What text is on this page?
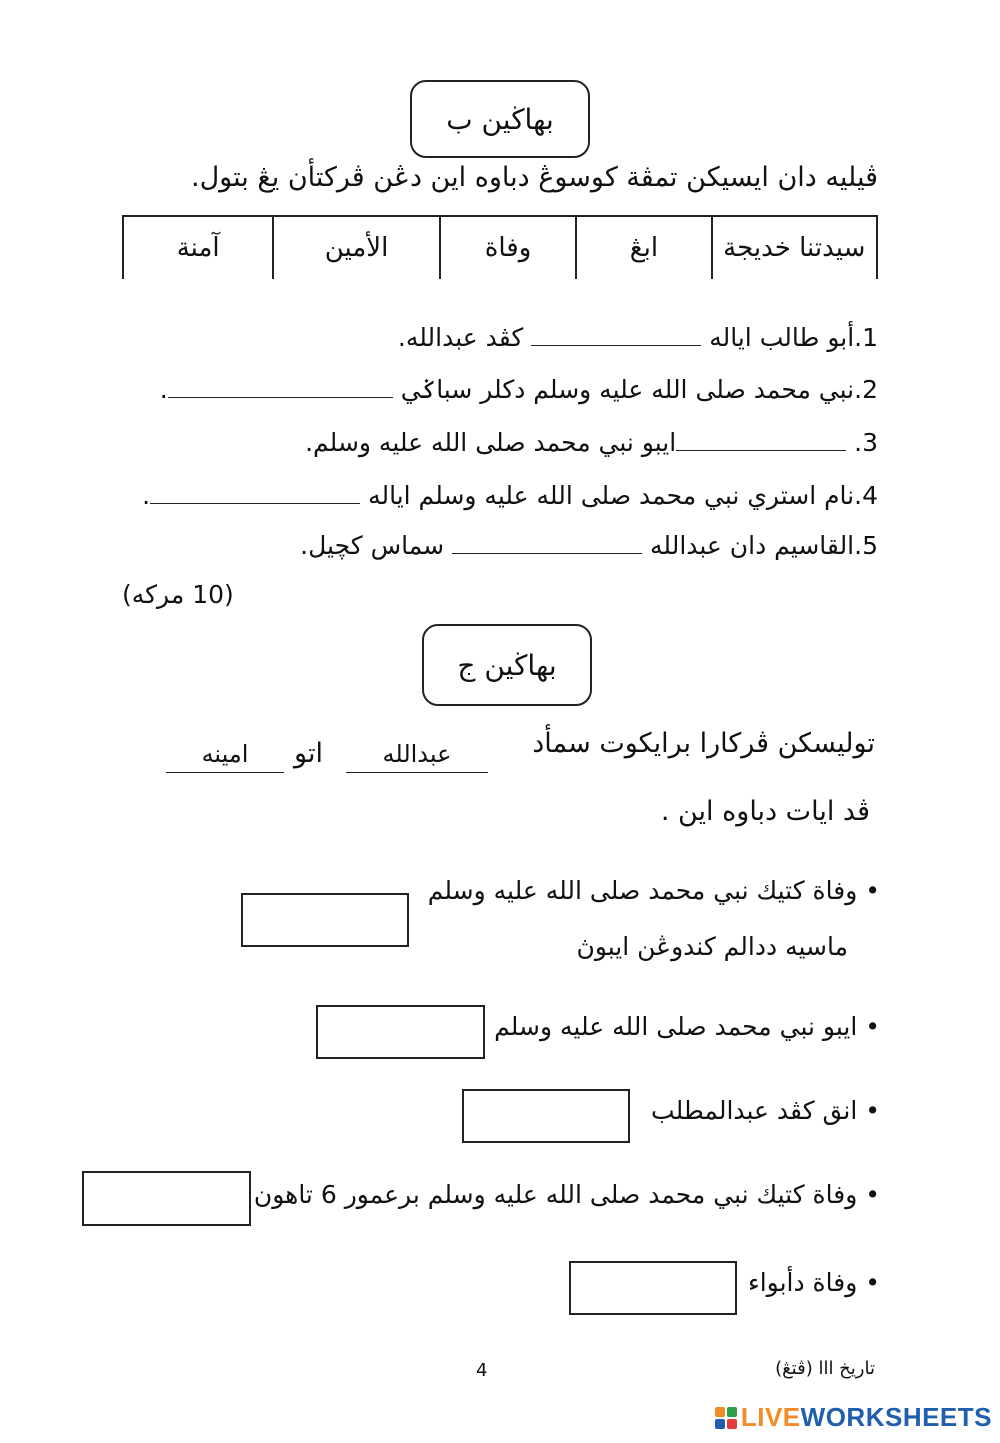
بهاڬين ب
ڤيليه دان ايسيکن تمڤة کوسوڠ دباوه اين دڠن ڤرکتأن يڠ بتول.
سيدتنا خديجة	ابڠ	وفاة	الأمين	آمنة
1.أبو طالب اياله  كڤد عبدالله.
2.نبي محمد صلى الله عليه وسلم دكلر سباݢي .
3. ايبو نبي محمد صلى الله عليه وسلم.
4.نام استري نبي محمد صلى الله عليه وسلم اياله .
5.القاسيم دان عبدالله  سماس كچيل.
(10 مركه)
بهاڬين ج
توليسکن ڤرکارا برايکوت سمأد
عبدالله
اتو
امينه
ڤد ايات دباوه اين .
• وفاة کتيك نبي محمد صلى الله عليه وسلم
ماسيه ددالم کندوڠن ايبوڽ
• ايبو نبي محمد صلى الله عليه وسلم
• انق كڤد عبدالمطلب
• وفاة کتيك نبي محمد صلى الله عليه وسلم برعمور 6 تاهون
• وفاة دأبواء
4	تاريخ ااا (ڤتڠ)
LIVEWORKSHEETS
